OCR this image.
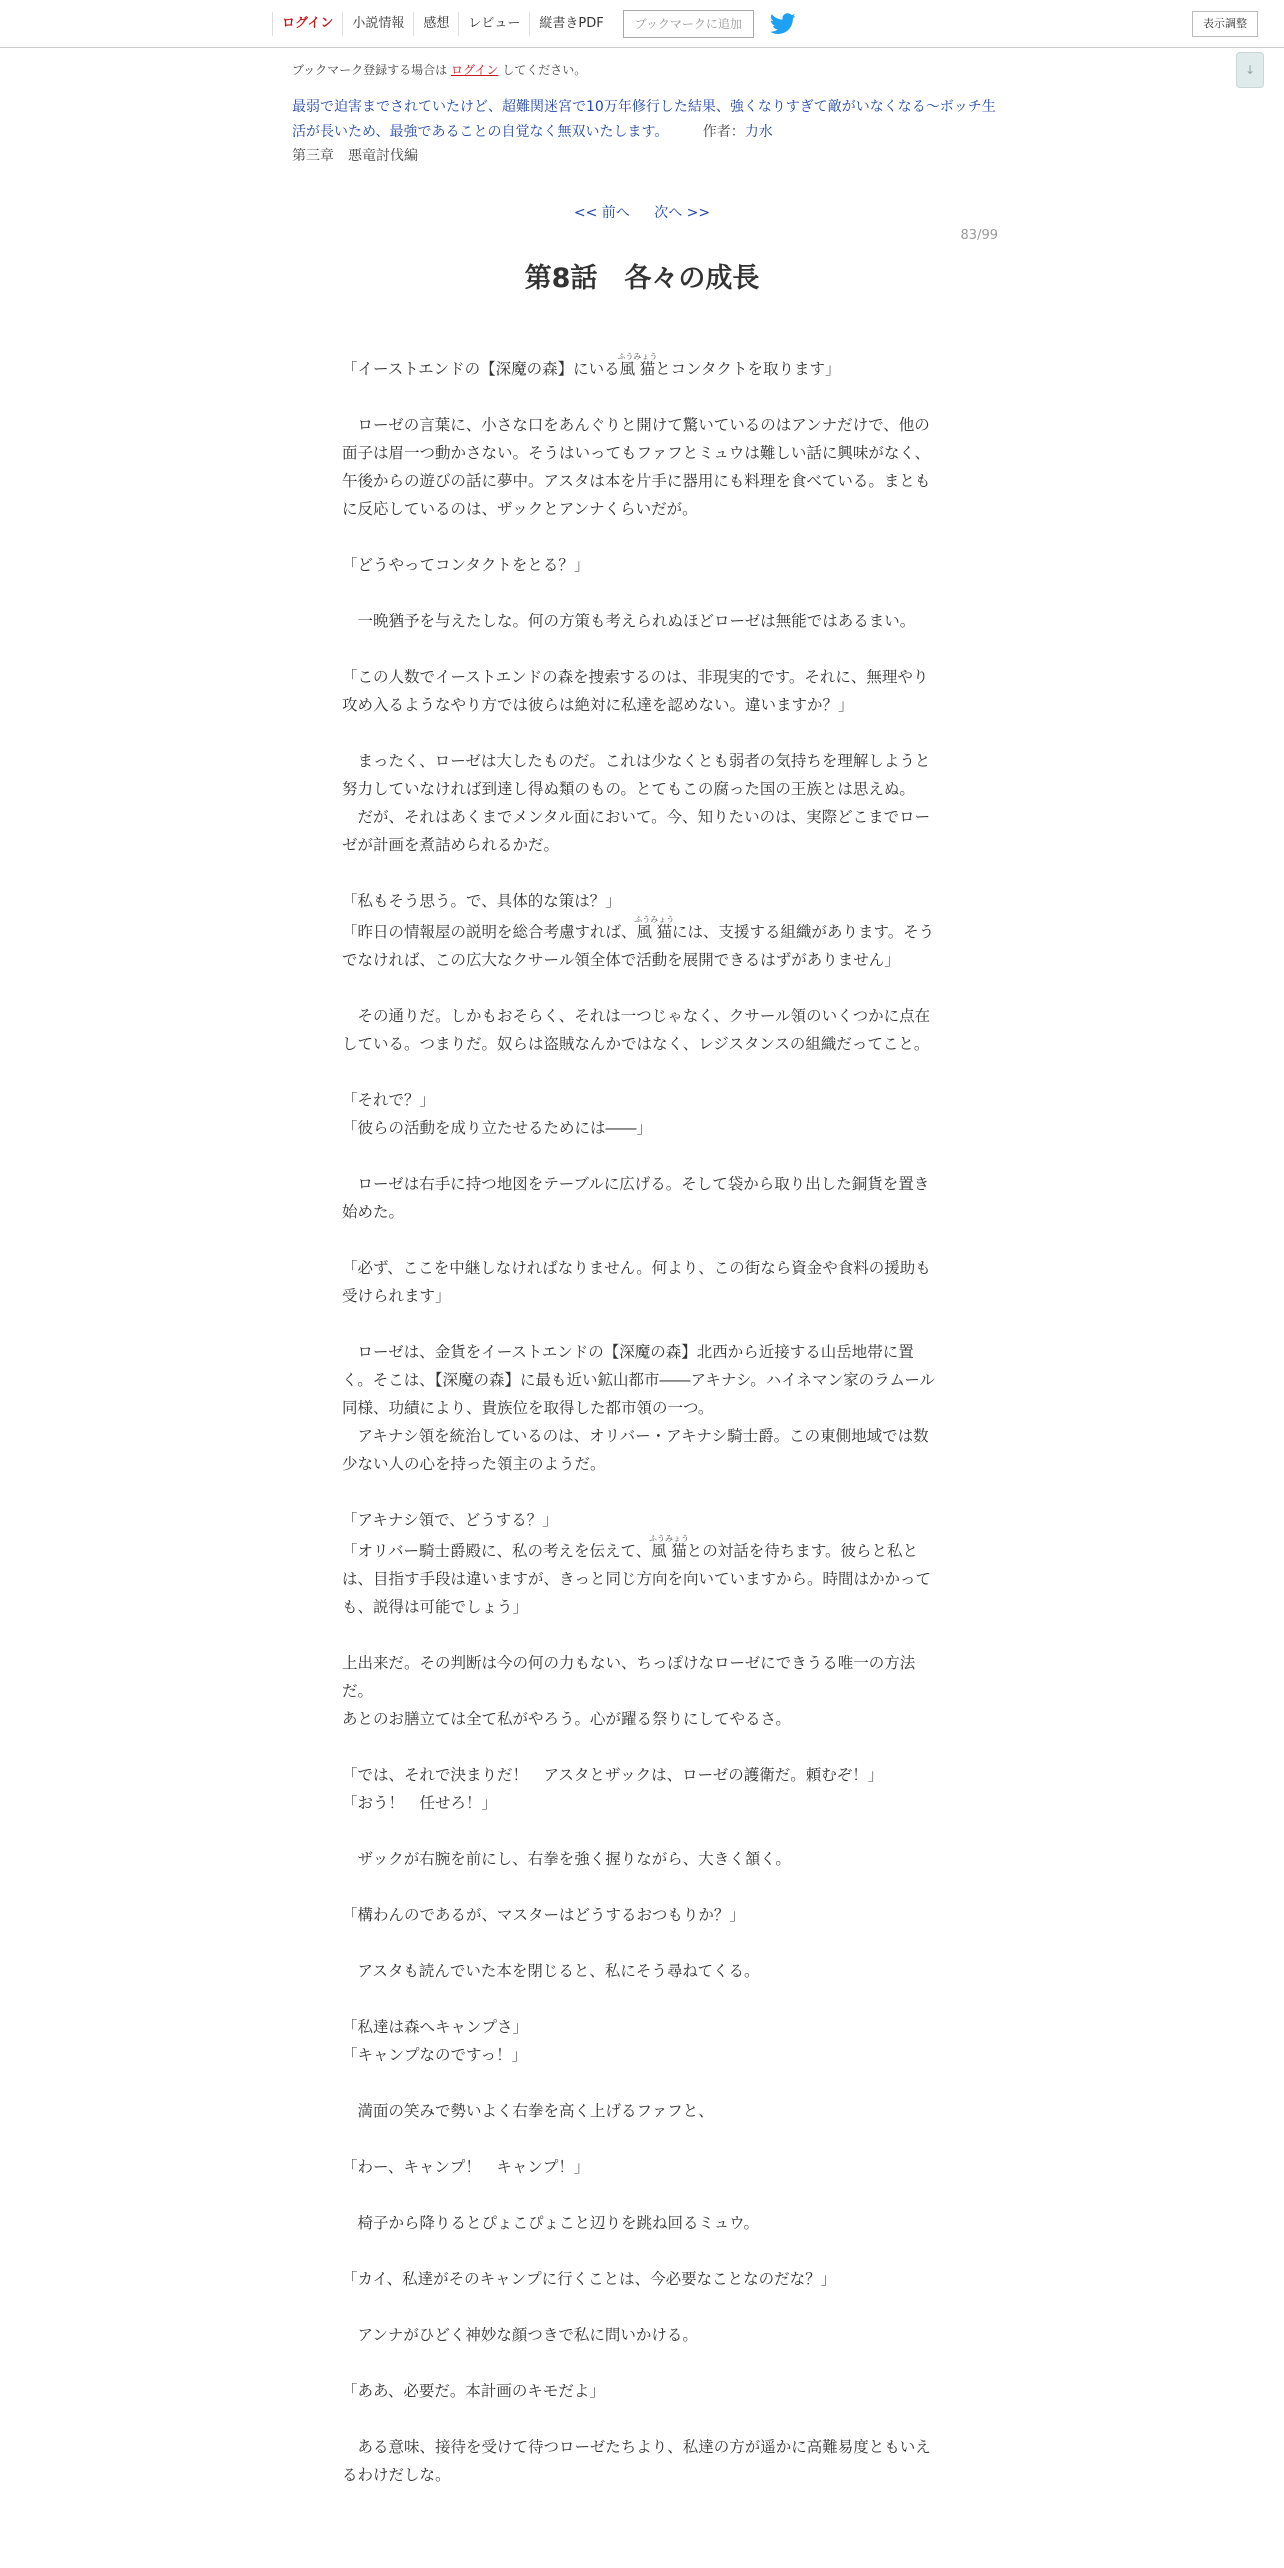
ログイン	小説情報	感想	レビュー	縦書きPDF	ブックマークに追加	表示調整
↓
ブックマーク登録する場合は ログイン してください。
最弱で迫害までされていたけど、超難関迷宮で10万年修行した結果、強くなりすぎて敵がいなくなる～ボッチ生活が長いため、最強であることの自覚なく無双いたします。 作者：力水
第三章　悪竜討伐編
<< 前へ 次へ >>
83/99
第8話　各々の成長

「イーストエンドの【深魔の森】にいる風猫ふうみょうとコンタクトを取ります」

　ローゼの言葉に、小さな口をあんぐりと開けて驚いているのはアンナだけで、他の面子は眉一つ動かさない。そうはいってもファフとミュウは難しい話に興味がなく、午後からの遊びの話に夢中。アスタは本を片手に器用にも料理を食べている。まともに反応しているのは、ザックとアンナくらいだが。

「どうやってコンタクトをとる？」

　一晩猶予を与えたしな。何の方策も考えられぬほどローゼは無能ではあるまい。

「この人数でイーストエンドの森を捜索するのは、非現実的です。それに、無理やり攻め入るようなやり方では彼らは絶対に私達を認めない。違いますか？」

　まったく、ローゼは大したものだ。これは少なくとも弱者の気持ちを理解しようと努力していなければ到達し得ぬ類のもの。とてもこの腐った国の王族とは思えぬ。

　だが、それはあくまでメンタル面において。今、知りたいのは、実際どこまでローゼが計画を煮詰められるかだ。

「私もそう思う。で、具体的な策は？」

「昨日の情報屋の説明を総合考慮すれば、風猫ふうみょうには、支援する組織があります。そうでなければ、この広大なクサール領全体で活動を展開できるはずがありません」

　その通りだ。しかもおそらく、それは一つじゃなく、クサール領のいくつかに点在している。つまりだ。奴らは盗賊なんかではなく、レジスタンスの組織だってこと。

「それで？」

「彼らの活動を成り立たせるためには――」

　ローゼは右手に持つ地図をテーブルに広げる。そして袋から取り出した銅貨を置き始めた。

「必ず、ここを中継しなければなりません。何より、この街なら資金や食料の援助も受けられます」

　ローゼは、金貨をイーストエンドの【深魔の森】北西から近接する山岳地帯に置く。そこは、【深魔の森】に最も近い鉱山都市――アキナシ。ハイネマン家のラムール同様、功績により、貴族位を取得した都市領の一つ。

　アキナシ領を統治しているのは、オリバー・アキナシ騎士爵。この東側地域では数少ない人の心を持った領主のようだ。

「アキナシ領で、どうする？」

「オリバー騎士爵殿に、私の考えを伝えて、風猫ふうみょうとの対話を待ちます。彼らと私とは、目指す手段は違いますが、きっと同じ方向を向いていますから。時間はかかっても、説得は可能でしょう」

上出来だ。その判断は今の何の力もない、ちっぽけなローゼにできうる唯一の方法だ。

あとのお膳立ては全て私がやろう。心が躍る祭りにしてやるさ。

「では、それで決まりだ！　アスタとザックは、ローゼの護衛だ。頼むぞ！」

「おう！　任せろ！」

　ザックが右腕を前にし、右拳を強く握りながら、大きく頷く。

「構わんのであるが、マスターはどうするおつもりか？」

　アスタも読んでいた本を閉じると、私にそう尋ねてくる。

「私達は森へキャンプさ」

「キャンプなのですっ！」

　満面の笑みで勢いよく右拳を高く上げるファフと、

「わー、キャンプ！　キャンプ！」

　椅子から降りるとぴょこぴょこと辺りを跳ね回るミュウ。

「カイ、私達がそのキャンプに行くことは、今必要なことなのだな？」

　アンナがひどく神妙な顔つきで私に問いかける。

「ああ、必要だ。本計画のキモだよ」

　ある意味、接待を受けて待つローゼたちより、私達の方が遥かに高難易度ともいえるわけだしな。
